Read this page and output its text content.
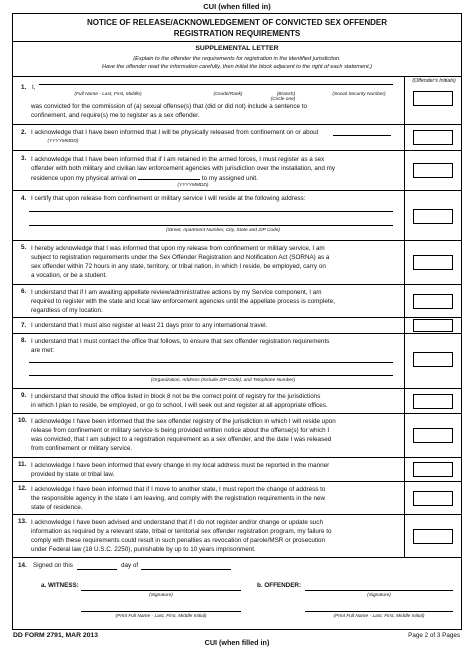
CUI (when filled in)
NOTICE OF RELEASE/ACKNOWLEDGEMENT OF CONVICTED SEX OFFENDER
REGISTRATION REQUIREMENTS
SUPPLEMENTAL LETTER
(Explain to the offender the requirements for registration in the identified jurisdiction.
Have the offender read the information carefully, then initial the block adjacent to the right of each statement.)
(Offender's Initials)
1. I,
(Full Name - Last, First, Middle)	(Grade/Rank)	(Branch)	(Social Security Number)
(Circle one)
was convicted for the commission of (a) sexual offense(s) that (did or did not) include a sentence to
confinement, and require(s) me to register as a sex offender.
2. I acknowledge that I have been informed that I will be physically released from confinement on or about
(YYYYMMDD)
3. I acknowledge that I have been informed that if I am retained in the armed forces, I must register as a sex
offender with both military and civilian law enforcement agencies with jurisdiction over the installation, and my
residence upon my physical arrival on	to my assigned unit.
(YYYYMMDD)
4. I certify that upon release from confinement or military service I will reside at the following address:
(Street, Apartment Number, City, State and ZIP Code)
5. I hereby acknowledge that I was informed that upon my release from confinement or military service, I am
subject to registration requirements under the Sex Offender Registration and Notification Act (SORNA) as a
sex offender within 72 hours in any state, territory, or tribal nation, in which I reside, be employed, carry on
a vocation, or be a student.
6. I understand that if I am awaiting appellate review/administrative actions by my Service component, I am
required to register with the state and local law enforcement agencies until the appellate process is complete,
regardless of my location.
7. I understand that I must also register at least 21 days prior to any international travel.
8. I understand that I must contact the office that follows, to ensure that sex offender registration requirements
are met:
(Organization, Address (Include ZIP Code), and Telephone Number)
9. I understand that should the office listed in block 8 not be the correct point of registry for the jurisdictions
in which I plan to reside, be employed, or go to school, I will seek out and register at all appropriate offices.
10. I acknowledge I have been informed that the sex offender registry of the jurisdiction in which I will reside upon
release from confinement or military service is being provided written notice about the offense(s) for which I
was convicted, that I am subject to a registration requirement as a sex offender, and the date I was released
from confinement or military service.
11. I acknowledge I have been informed that every change in my local address must be reported in the manner
provided by state or tribal law.
12. I acknowledge I have been informed that if I move to another state, I must report the change of address to
the responsible agency in the state I am leaving, and comply with the registration requirements in the new
state of residence.
13. I acknowledge I have been advised and understand that if I do not register and/or change or update such
information as required by a relevant state, tribal or territorial sex offender registration program, my failure to
comply with these requirements could result in such penalties as revocation of parole/MSR or prosecution
under Federal law (18 U.S.C. 2250), punishable by up to 10 years imprisonment.
14. Signed on this	day of
a. WITNESS:
(Signature)
(Print Full Name - Last, First, Middle Initial)
b. OFFENDER:
(Signature)
(Print Full Name - Last, First, Middle Initial)
DD FORM 2791, MAR 2013
CUI (when filled in)
Page 2 of 3 Pages
